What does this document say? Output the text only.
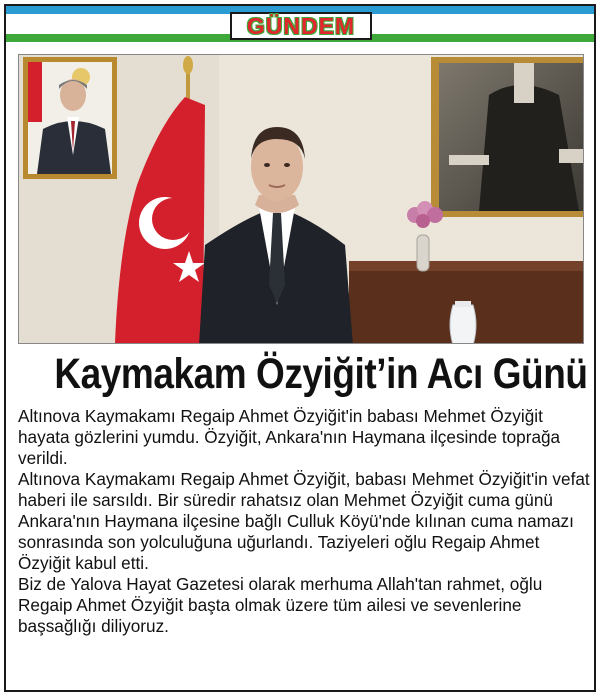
GÜNDEM
Kaymakam Özyiğit’in Acı Günü

Altınova Kaymakamı Regaip Ahmet Özyiğit'in babası Mehmet Özyiğit hayata gözlerini yumdu. Özyiğit, Ankara'nın Haymana ilçesinde toprağa verildi.

Altınova Kaymakamı Regaip Ahmet Özyiğit, babası Mehmet Özyiğit'in vefat haberi ile sarsıldı. Bir süredir rahatsız olan Mehmet Özyiğit cuma günü Ankara'nın Haymana ilçesine bağlı Culluk Köyü'nde kılınan cuma namazı sonrasında son yolculuğuna uğurlandı. Taziyeleri oğlu Regaip Ahmet Özyiğit kabul etti.

Biz de Yalova Hayat Gazetesi olarak merhuma Allah'tan rahmet, oğlu Regaip Ahmet Özyiğit başta olmak üzere tüm ailesi ve sevenlerine başsağlığı diliyoruz.
